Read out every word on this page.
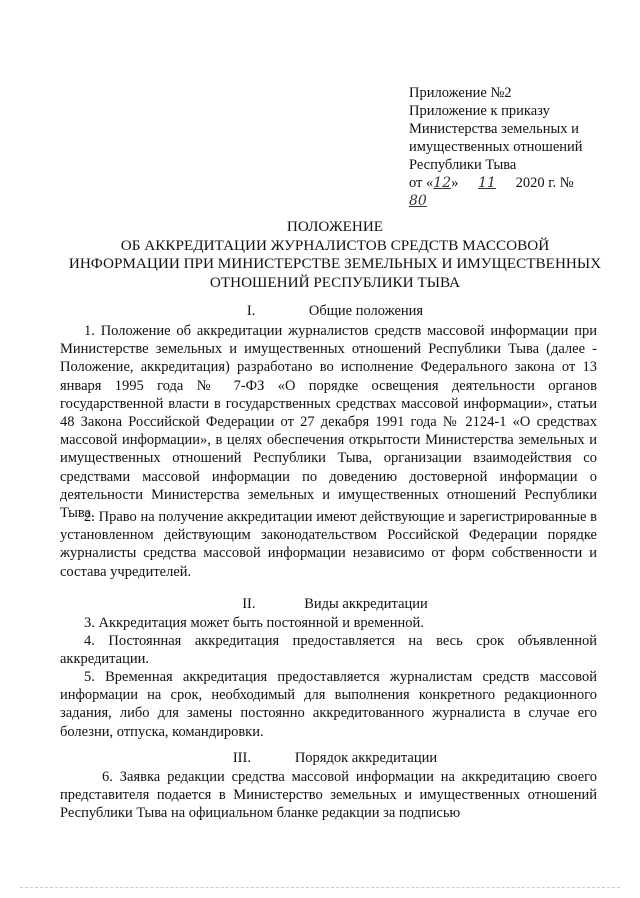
Приложение №2
Приложение к приказу
Министерства земельных и
имущественных отношений
Республики Тыва
от «12» 11 2020 г. №
80
ПОЛОЖЕНИЕ
ОБ АККРЕДИТАЦИИ ЖУРНАЛИСТОВ СРЕДСТВ МАССОВОЙ
ИНФОРМАЦИИ ПРИ МИНИСТЕРСТВЕ ЗЕМЕЛЬНЫХ И ИМУЩЕСТВЕННЫХ
ОТНОШЕНИЙ РЕСПУБЛИКИ ТЫВА
I.	Общие положения
1. Положение об аккредитации журналистов средств массовой информации при Министерстве земельных и имущественных отношений Республики Тыва (далее - Положение, аккредитация) разработано во исполнение Федерального закона от 13 января 1995 года № 7-ФЗ «О порядке освещения деятельности органов государственной власти в государственных средствах массовой информации», статьи 48 Закона Российской Федерации от 27 декабря 1991 года № 2124-1 «О средствах массовой информации», в целях обеспечения открытости Министерства земельных и имущественных отношений Республики Тыва, организации взаимодействия со средствами массовой информации по доведению достоверной информации о деятельности Министерства земельных и имущественных отношений Республики Тыва.
2. Право на получение аккредитации имеют действующие и зарегистрированные в установленном действующим законодательством Российской Федерации порядке журналисты средства массовой информации независимо от форм собственности и состава учредителей.
II.	Виды аккредитации
3. Аккредитация может быть постоянной и временной.
4. Постоянная аккредитация предоставляется на весь срок объявленной аккредитации.
5. Временная аккредитация предоставляется журналистам средств массовой информации на срок, необходимый для выполнения конкретного редакционного задания, либо для замены постоянно аккредитованного журналиста в случае его болезни, отпуска, командировки.
III.	Порядок аккредитации
6. Заявка редакции средства массовой информации на аккредитацию своего представителя подается в Министерство земельных и имущественных отношений Республики Тыва на официальном бланке редакции за подписью
